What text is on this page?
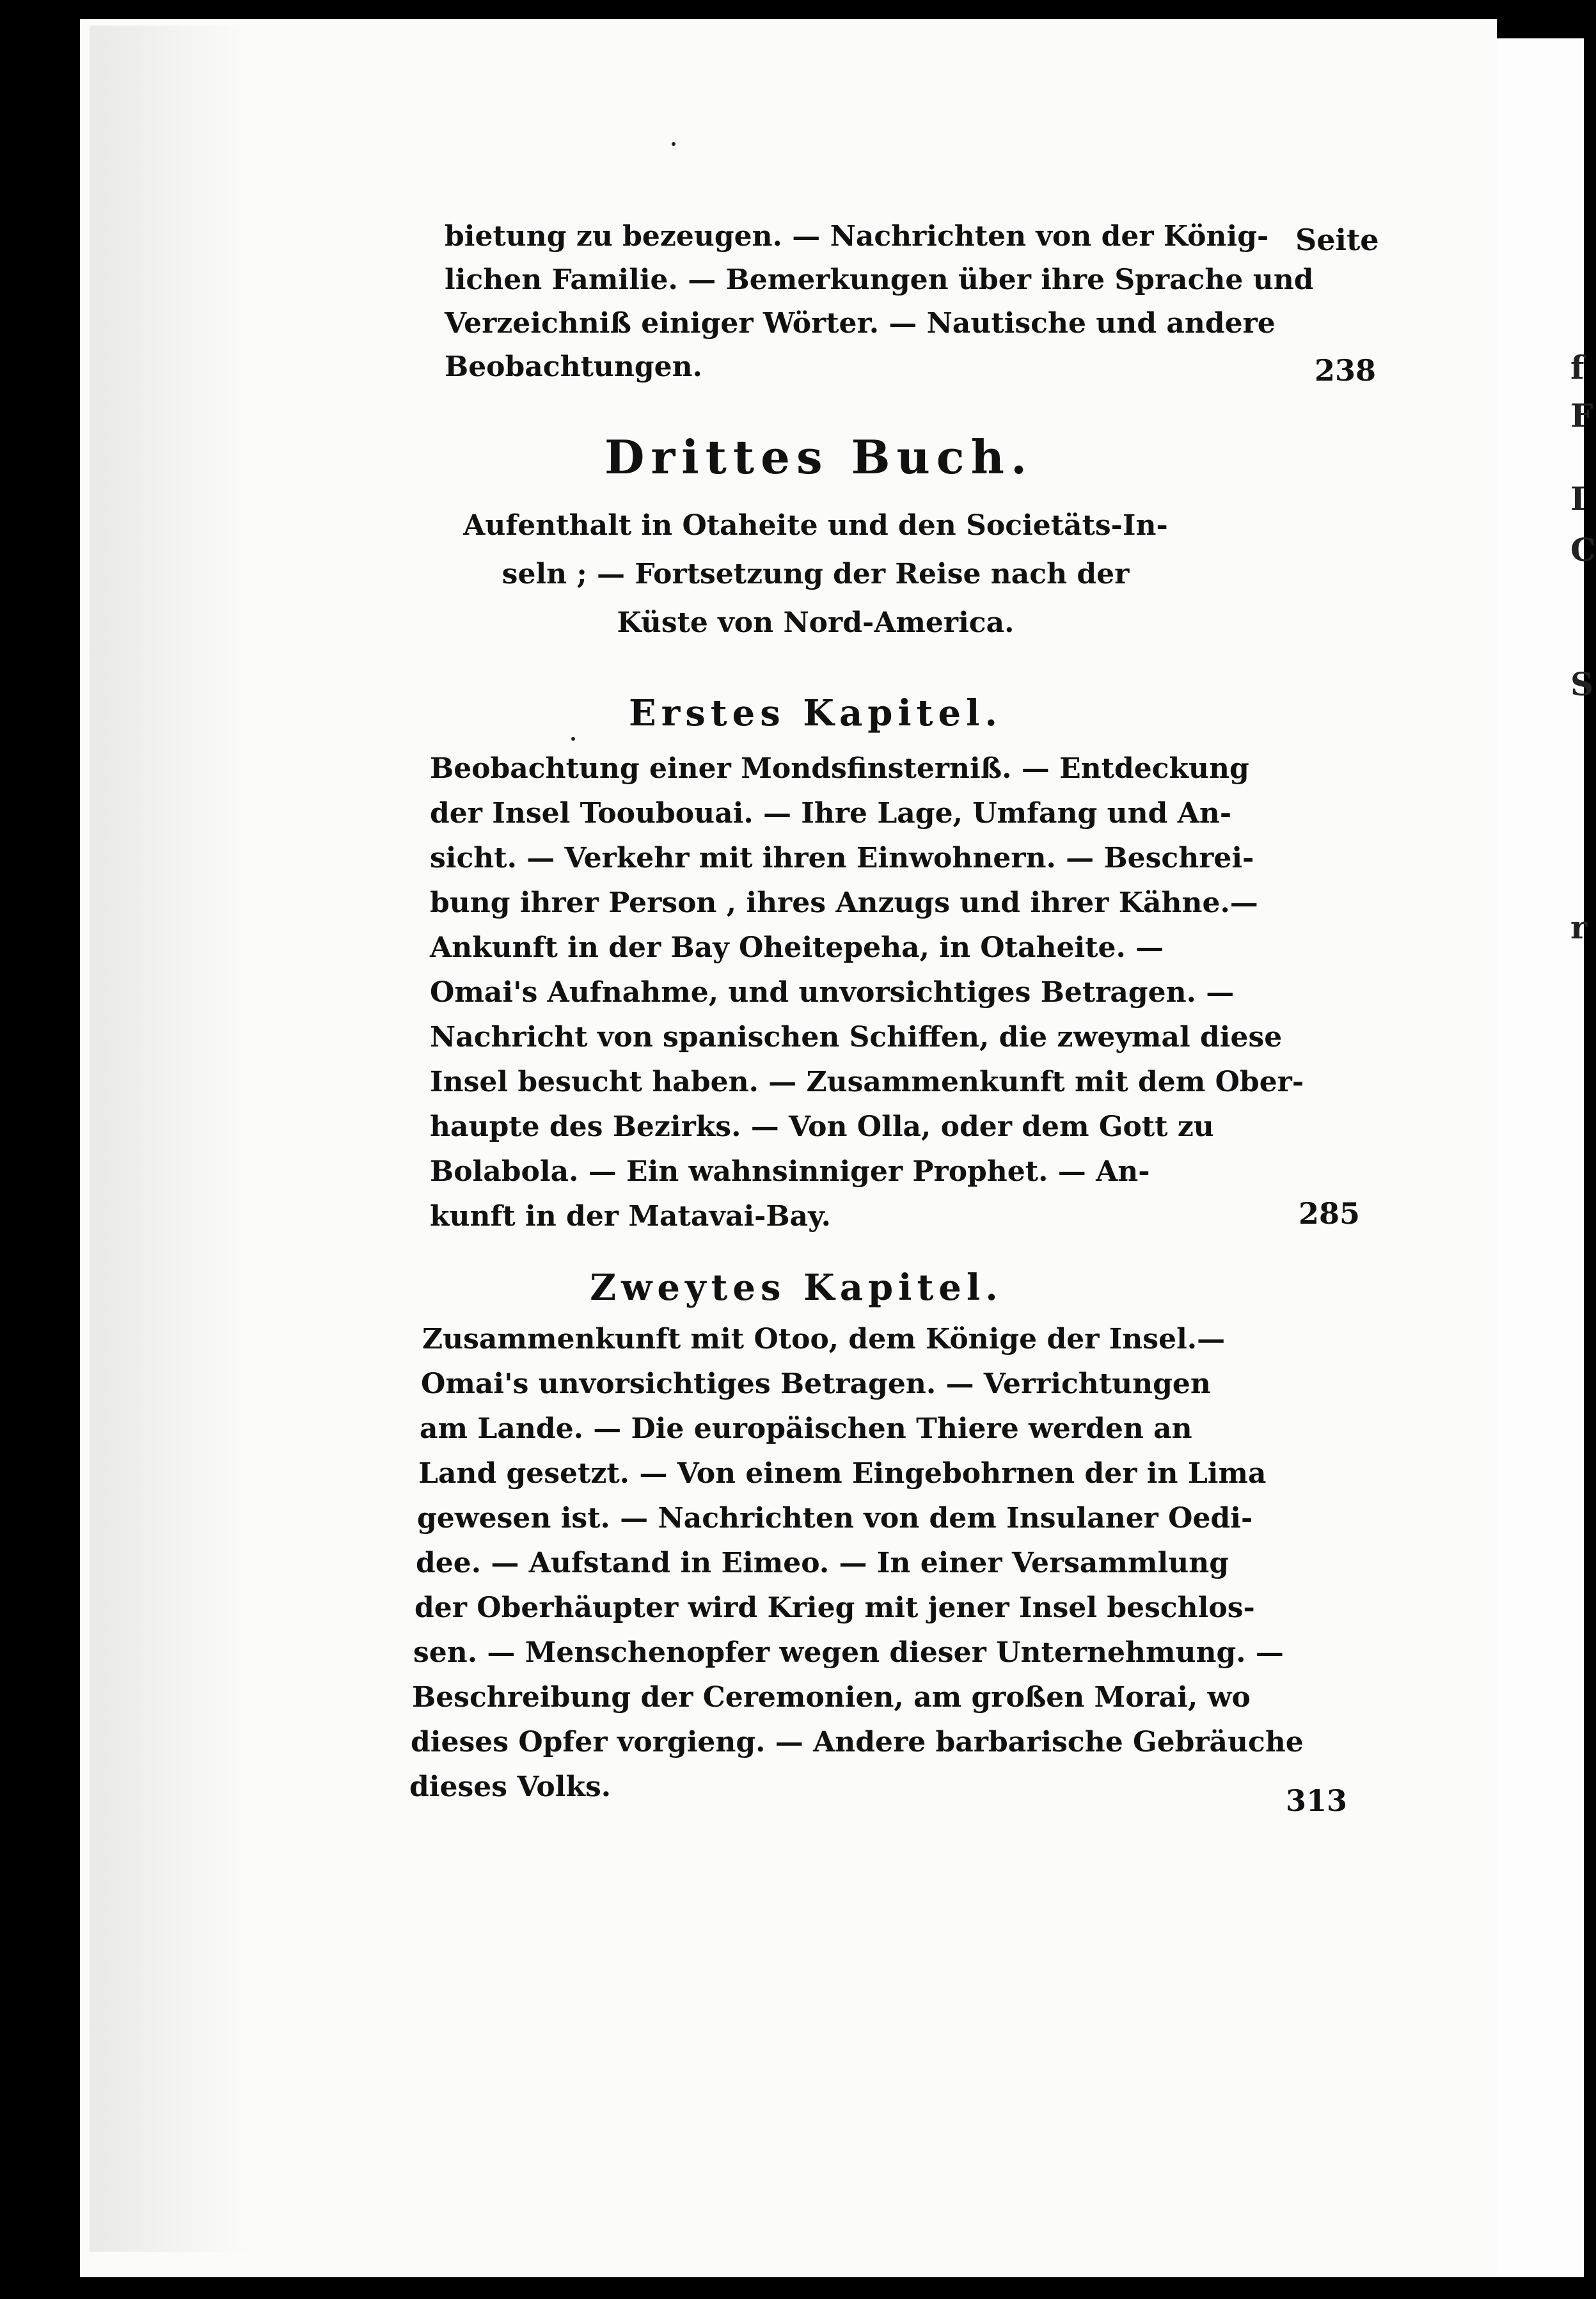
Seite
bietung zu bezeugen. — Nachrichten von der König-
lichen Familie. — Bemerkungen über ihre Sprache und
Verzeichniß einiger Wörter. — Nautische und andere
Beobachtungen.	238
Drittes Buch.
Aufenthalt in Otaheite und den Societäts-In-
seln ; — Fortsetzung der Reise nach der
Küste von Nord-America.
Erstes Kapitel.
Beobachtung einer Mondsfinsterniß. — Entdeckung
der Insel Tooubouai. — Ihre Lage, Umfang und An-
sicht. — Verkehr mit ihren Einwohnern. — Beschrei-
bung ihrer Person , ihres Anzugs und ihrer Kähne.—
Ankunft in der Bay Oheitepeha, in Otaheite. —
Omai's Aufnahme, und unvorsichtiges Betragen. —
Nachricht von spanischen Schiffen, die zweymal diese
Insel besucht haben. — Zusammenkunft mit dem Ober-
haupte des Bezirks. — Von Olla, oder dem Gott zu
Bolabola. — Ein wahnsinniger Prophet. — An-
kunft in der Matavai-Bay.	285
Zweytes Kapitel.
Zusammenkunft mit Otoo, dem Könige der Insel.—
Omai's unvorsichtiges Betragen. — Verrichtungen
am Lande. — Die europäischen Thiere werden an
Land gesetzt. — Von einem Eingebohrnen der in Lima
gewesen ist. — Nachrichten von dem Insulaner Oedi-
dee. — Aufstand in Eimeo. — In einer Versammlung
der Oberhäupter wird Krieg mit jener Insel beschlos-
sen. — Menschenopfer wegen dieser Unternehmung. —
Beschreibung der Ceremonien, am großen Morai, wo
dieses Opfer vorgieng. — Andere barbarische Gebräuche
dieses Volks.	313
f
F
I
C
S
r
